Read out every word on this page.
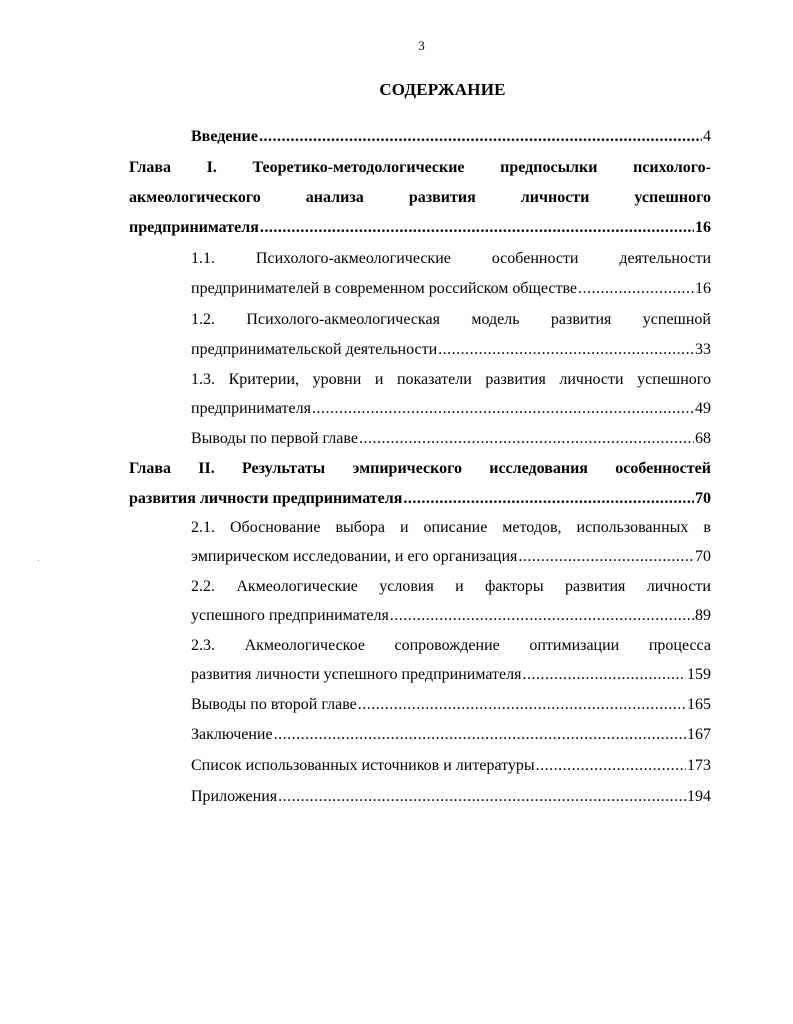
3
СОДЕРЖАНИЕ
Введение .....	4
Глава I. Теоретико-методологические предпосылки психолого-
акмеологического	анализа	развития	личности	успешного
предпринимателя .....	16
1.1.	Психолого-акмеологические	особенности	деятельности
предпринимателей в современном российском обществе .....	16
1.2. Психолого-акмеологическая модель развития успешной
предпринимательской деятельности .....	33
1.3. Критерии, уровни и показатели развития личности успешного
предпринимателя .....	49
Выводы по первой главе .....	68
Глава II. Результаты эмпирического исследования особенностей
развития личности предпринимателя .....	70
2.1. Обоснование выбора и описание методов, использованных в
эмпирическом исследовании, и его организация .....	70
2.2. Акмеологические условия и факторы развития личности
успешного предпринимателя .....	89
2.3. Акмеологическое сопровождение оптимизации процесса
развития личности успешного предпринимателя .....	159
Выводы по второй главе .....	165
Заключение .....	167
Список использованных источников и литературы .....	173
Приложения .....	194
